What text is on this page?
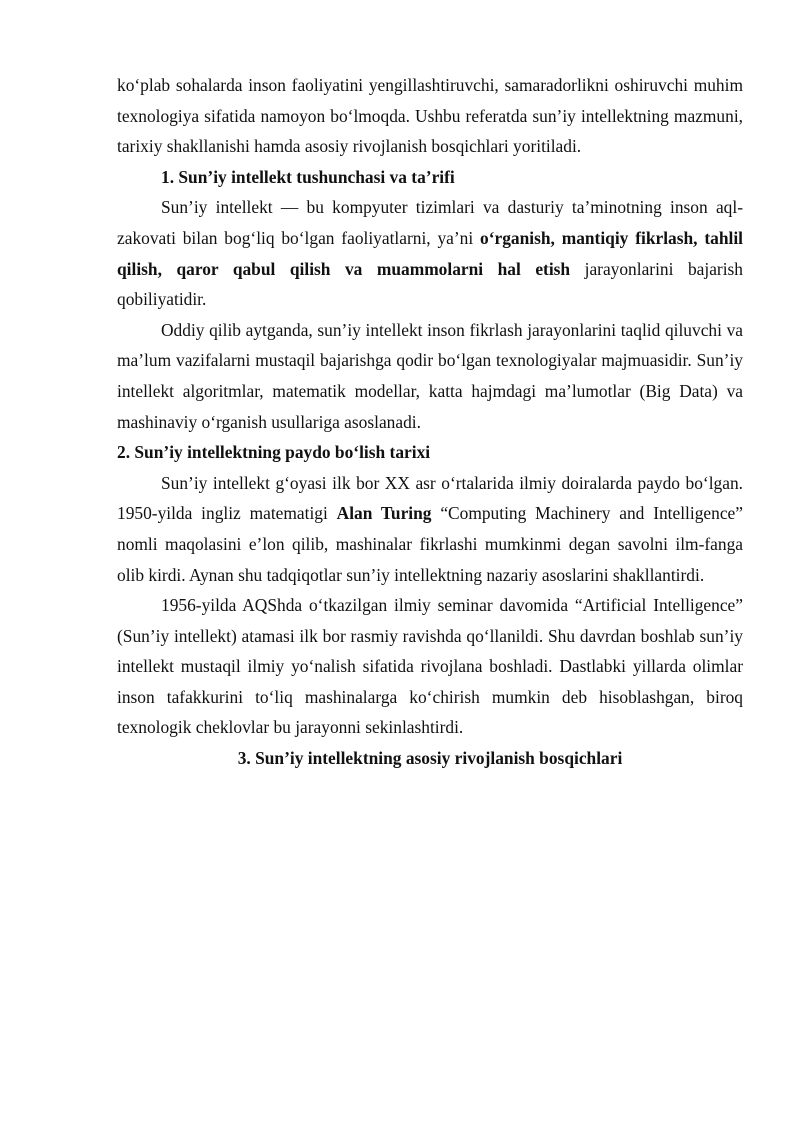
ko‘plab sohalarda inson faoliyatini yengillashtiruvchi, samaradorlikni oshiruvchi muhim texnologiya sifatida namoyon bo‘lmoqda. Ushbu referatda sun’iy intellektning mazmuni, tarixiy shakllanishi hamda asosiy rivojlanish bosqichlari yoritiladi.

1. Sun’iy intellekt tushunchasi va ta’rifi

Sun’iy intellekt — bu kompyuter tizimlari va dasturiy ta’minotning inson aql-zakovati bilan bog‘liq bo‘lgan faoliyatlarni, ya’ni o‘rganish, mantiqiy fikrlash, tahlil qilish, qaror qabul qilish va muammolarni hal etish jarayonlarini bajarish qobiliyatidir.

Oddiy qilib aytganda, sun’iy intellekt inson fikrlash jarayonlarini taqlid qiluvchi va ma’lum vazifalarni mustaqil bajarishga qodir bo‘lgan texnologiyalar majmuasidir. Sun’iy intellekt algoritmlar, matematik modellar, katta hajmdagi ma’lumotlar (Big Data) va mashinaviy o‘rganish usullariga asoslanadi.

2. Sun’iy intellektning paydo bo‘lish tarixi

Sun’iy intellekt g‘oyasi ilk bor XX asr o‘rtalarida ilmiy doiralarda paydo bo‘lgan. 1950-yilda ingliz matematigi Alan Turing “Computing Machinery and Intelligence” nomli maqolasini e’lon qilib, mashinalar fikrlashi mumkinmi degan savolni ilm-fanga olib kirdi. Aynan shu tadqiqotlar sun’iy intellektning nazariy asoslarini shakllantirdi.

1956-yilda AQShda o‘tkazilgan ilmiy seminar davomida “Artificial Intelligence” (Sun’iy intellekt) atamasi ilk bor rasmiy ravishda qo‘llanildi. Shu davrdan boshlab sun’iy intellekt mustaqil ilmiy yo‘nalish sifatida rivojlana boshladi. Dastlabki yillarda olimlar inson tafakkurini to‘liq mashinalarga ko‘chirish mumkin deb hisoblashgan, biroq texnologik cheklovlar bu jarayonni sekinlashtirdi.

3. Sun’iy intellektning asosiy rivojlanish bosqichlari
